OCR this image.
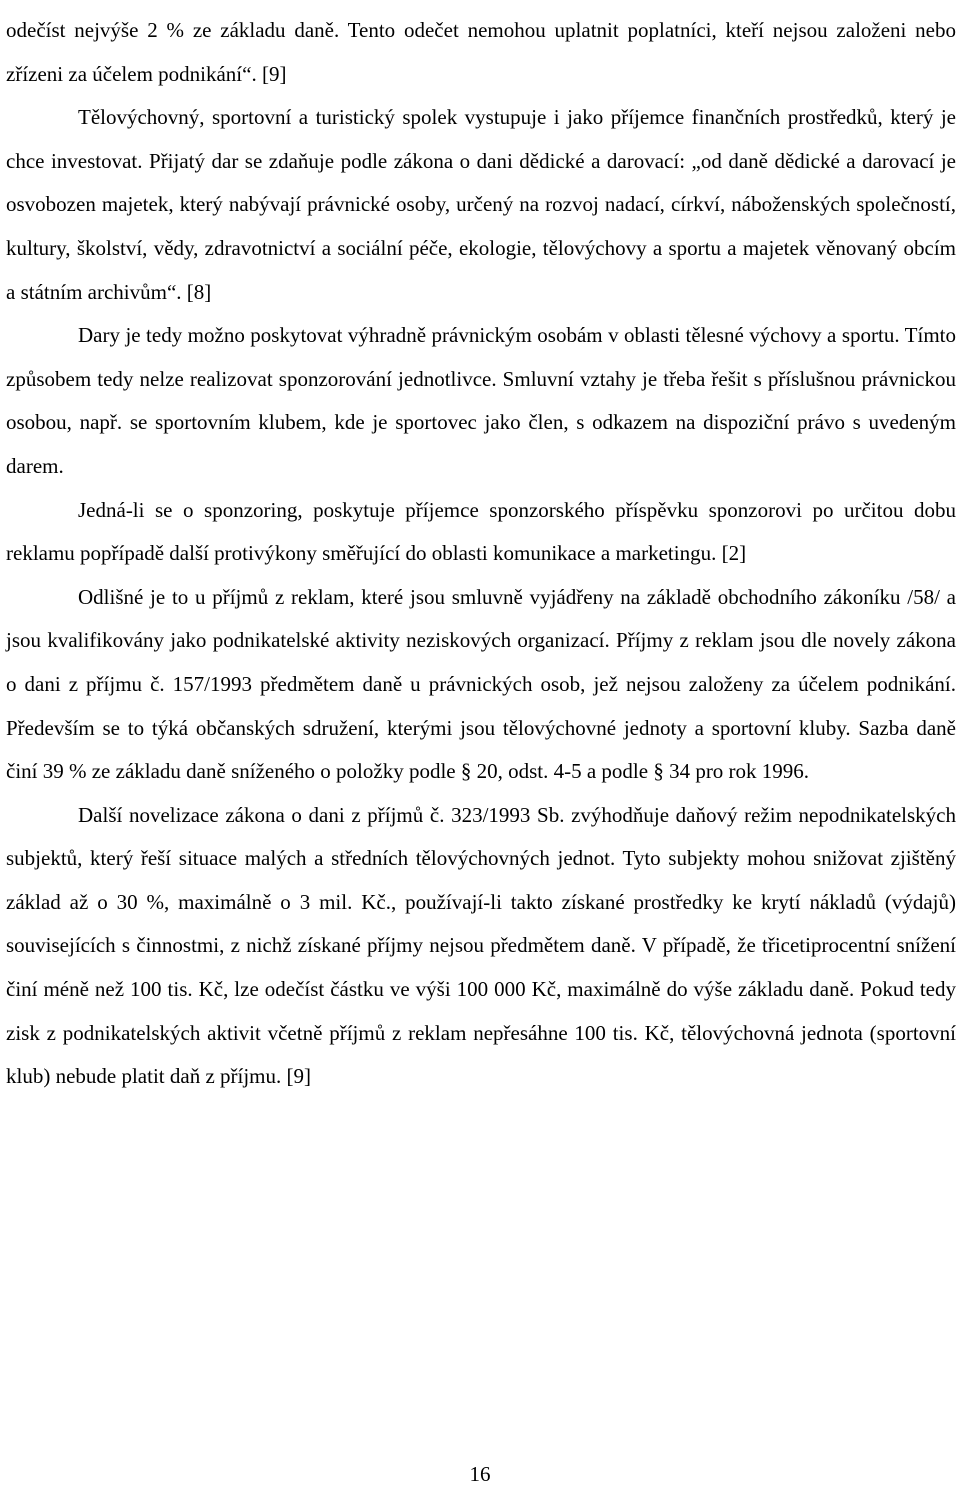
odečíst nejvýše 2 % ze základu daně. Tento odečet nemohou uplatnit poplatníci, kteří nejsou založeni nebo zřízeni za účelem podnikání“. [9]

Tělovýchovný, sportovní a turistický spolek vystupuje i jako příjemce finančních prostředků, který je chce investovat. Přijatý dar se zdaňuje podle zákona o dani dědické a darovací: „od daně dědické a darovací je osvobozen majetek, který nabývají právnické osoby, určený na rozvoj nadací, církví, náboženských společností, kultury, školství, vědy, zdravotnictví a sociální péče, ekologie, tělovýchovy a sportu a majetek věnovaný obcím a státním archivům“. [8]

Dary je tedy možno poskytovat výhradně právnickým osobám v oblasti tělesné výchovy a sportu. Tímto způsobem tedy nelze realizovat sponzorování jednotlivce. Smluvní vztahy je třeba řešit s příslušnou právnickou osobou, např. se sportovním klubem, kde je sportovec jako člen, s odkazem na dispoziční právo s uvedeným darem.

Jedná-li se o sponzoring, poskytuje příjemce sponzorského příspěvku sponzorovi po určitou dobu reklamu popřípadě další protivýkony směřující do oblasti komunikace a marketingu. [2]

Odlišné je to u příjmů z reklam, které jsou smluvně vyjádřeny na základě obchodního zákoníku /58/ a jsou kvalifikovány jako podnikatelské aktivity neziskových organizací. Příjmy z reklam jsou dle novely zákona o dani z příjmu č. 157/1993 předmětem daně u právnických osob, jež nejsou založeny za účelem podnikání. Především se to týká občanských sdružení, kterými jsou tělovýchovné jednoty a sportovní kluby. Sazba daně činí 39 % ze základu daně sníženého o položky podle § 20, odst. 4-5 a podle § 34 pro rok 1996.

Další novelizace zákona o dani z příjmů č. 323/1993 Sb. zvýhodňuje daňový režim nepodnikatelských subjektů, který řeší situace malých a středních tělovýchovných jednot. Tyto subjekty mohou snižovat zjištěný základ až o 30 %, maximálně o 3 mil. Kč., používají-li takto získané prostředky ke krytí nákladů (výdajů) souvisejících s činnostmi, z nichž získané příjmy nejsou předmětem daně. V případě, že třicetiprocentní snížení činí méně než 100 tis. Kč, lze odečíst částku ve výši 100 000 Kč, maximálně do výše základu daně. Pokud tedy zisk z podnikatelských aktivit včetně příjmů z reklam nepřesáhne 100 tis. Kč, tělovýchovná jednota (sportovní klub) nebude platit daň z příjmu. [9]

16
